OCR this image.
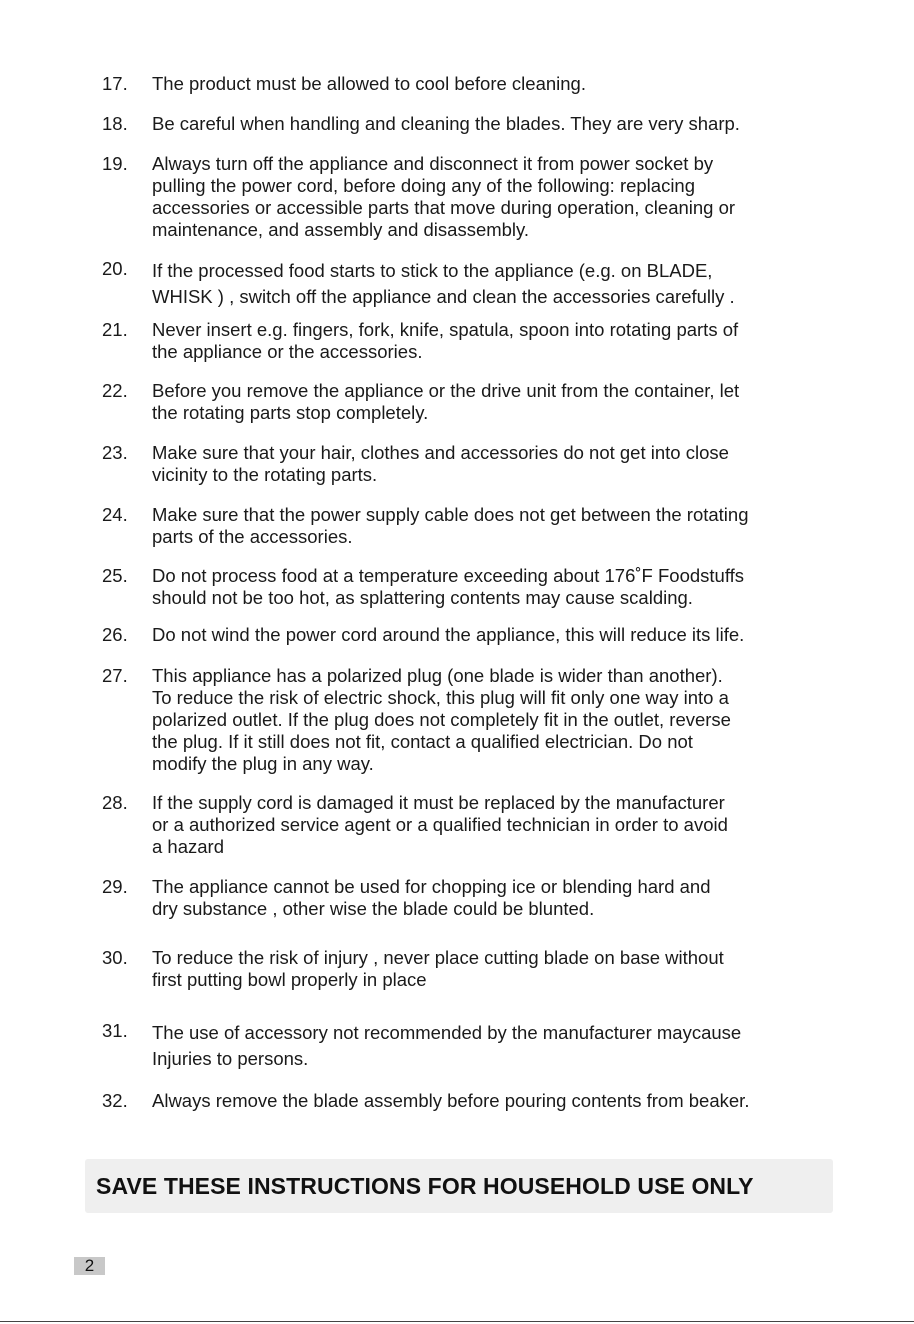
17. The product must be allowed to cool before cleaning.
18. Be careful when handling and cleaning the blades. They are very sharp.
19. Always turn off the appliance and disconnect it from power socket by
pulling the power cord, before doing any of the following: replacing
accessories or accessible parts that move during operation, cleaning or
maintenance, and assembly and disassembly.
20. If the processed food starts to stick to the appliance (e.g. on BLADE,
WHISK ) , switch off the appliance and clean the accessories carefully .
21. Never insert e.g. fingers, fork, knife, spatula, spoon into rotating parts of
the appliance or the accessories.
22. Before you remove the appliance or the drive unit from the container, let
the rotating parts stop completely.
23. Make sure that your hair, clothes and accessories do not get into close
vicinity to the rotating parts.
24. Make sure that the power supply cable does not get between the rotating
parts of the accessories.
25. Do not process food at a temperature exceeding about 176˚F Foodstuffs
should not be too hot, as splattering contents may cause scalding.
26. Do not wind the power cord around the appliance, this will reduce its life.
27. This appliance has a polarized plug (one blade is wider than another).
To reduce the risk of electric shock, this plug will fit only one way into a
polarized outlet. If the plug does not completely fit in the outlet, reverse
the plug. If it still does not fit, contact a qualified electrician. Do not
modify the plug in any way.
28. If the supply cord is damaged it must be replaced by the manufacturer
or a authorized service agent or a qualified technician in order to avoid
a hazard
29. The appliance cannot be used for chopping ice or blending hard and
dry substance , other wise the blade could be blunted.
30. To reduce the risk of injury , never place cutting blade on base without
first putting bowl properly in place
31. The use of accessory not recommended by the manufacturer maycause
Injuries to persons.
32. Always remove the blade assembly before pouring contents from beaker.
SAVE THESE INSTRUCTIONS FOR HOUSEHOLD USE ONLY
2
